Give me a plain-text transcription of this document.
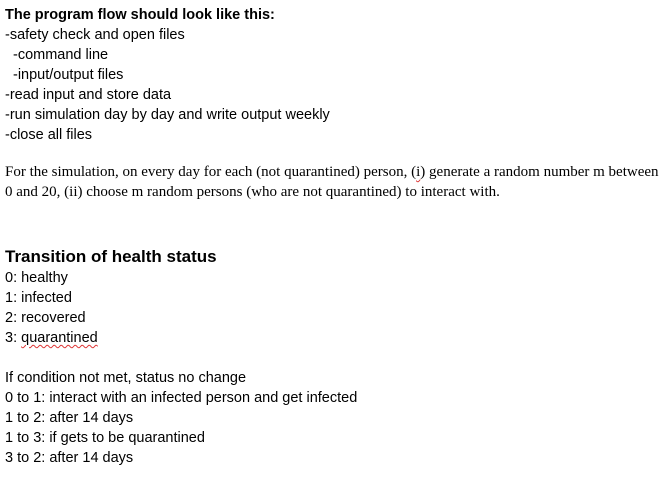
The program flow should look like this:

-safety check and open files

-command line

-input/output files

-read input and store data

-run simulation day by day and write output weekly

-close all files

For the simulation, on every day for each (not quarantined) person, (i) generate a random number m between 0 and 20, (ii) choose m random persons (who are not quarantined) to interact with.

Transition of health status

0: healthy

1: infected

2: recovered

3: quarantined

If condition not met, status no change

0 to 1: interact with an infected person and get infected

1 to 2: after 14 days

1 to 3: if gets to be quarantined

3 to 2: after 14 days
